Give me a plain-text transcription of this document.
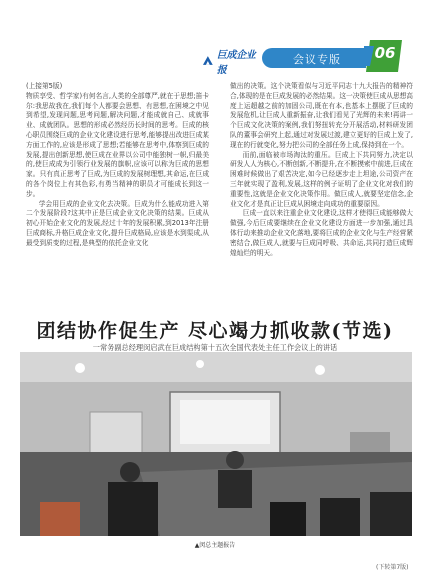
巨成企业报
会议专版 06

(上接第5版)

物质享受、哲学家)有何名言,人类的全部尊严,就在于思想;笛卡尔:我思故我在,我们每个人都要会思想、有思想,在困境之中见到希望,发现问题,思考问题,解决问题,才能成就自己、成就事业、成就团队。思想的形成必然经历长时间的思考。巨成的核心职员围绕巨成的企业文化建设进行思考,能够提出改进巨成某方面工作的,应该是形成了思想;若能够在思考中,体察到巨成的发展,提出创新思想,使巨成在业界以公司中能独树一帜,归最美的,使巨成成为引领行业发展的旗帜,应该可以称为巨成的思想家。只有真正思考了巨成,为巨成的发展树理想,其命运,在巨成的各个岗位上有其色彩,有勇当精神的职员才可能成长到这一步。

学会用巨成的企业文化去决策。巨成为什么能成功进入第二个发展阶段?这其中正是巨成企业文化决策的结果。巨成从初心开始企业文化的发展,经过十年的发展积累,到2013年注册巨成商标,升格巨成企业文化,提升巨成格局,应该是水到渠成,从最受到质变的过程,是典型的依托企业文化

做出的决策。这个决策看似与习近平同志十九大报告的精神符合,体现的是在巨成发展的必然结果。这一决策使巨成从思想高度上运超越之前的加固公司,既在有本,也基本上摆脱了巨成的发展危机,让巨成人重新振奋,让我们看见了光辉的未来!再讲一个巨成文化决策的案例,我们努扭转充分开展活动,材料研发团队的董事会研究上起,通过对发展过渡,建立更好的巨成上发了,现在的行就变化,努力把公司的全部任务上成,保持到在一个。

而前,面临被市场淘汰的重压。巨成上下共同努力,决定以研发人人为核心,不断创新,不断提升,在不断摸索中前进,巨成在困难时候做出了艰苦决定,如今已经逐步走上坦途,公司资产在三年就实现了盈利,发展,这样的例子证明了企业文化对我们的重要性,这就是企业文化决策作用。做巨成人,就要坚定信念,企业文化才是真正让巨成从困境走向成功的重要原因。

巨成一直以来注重企业文化建设,这样才使得巨成能够做大做强,今后巨成要继续在企业文化建设方面进一步加强,通过具体行动来推动企业文化落地,要将巨成的企业文化与生产经营紧密结合,做巨成人,就要与巨成同呼吸、共命运,共同打造巨成辉煌灿烂的明天。

团结协作促生产 尽心竭力抓收款(节选)
一常务副总经理闵启武在巨成结构第十五次全国代表处主任工作会议上的讲话
▲闵总主题报告
(下转第7版)
